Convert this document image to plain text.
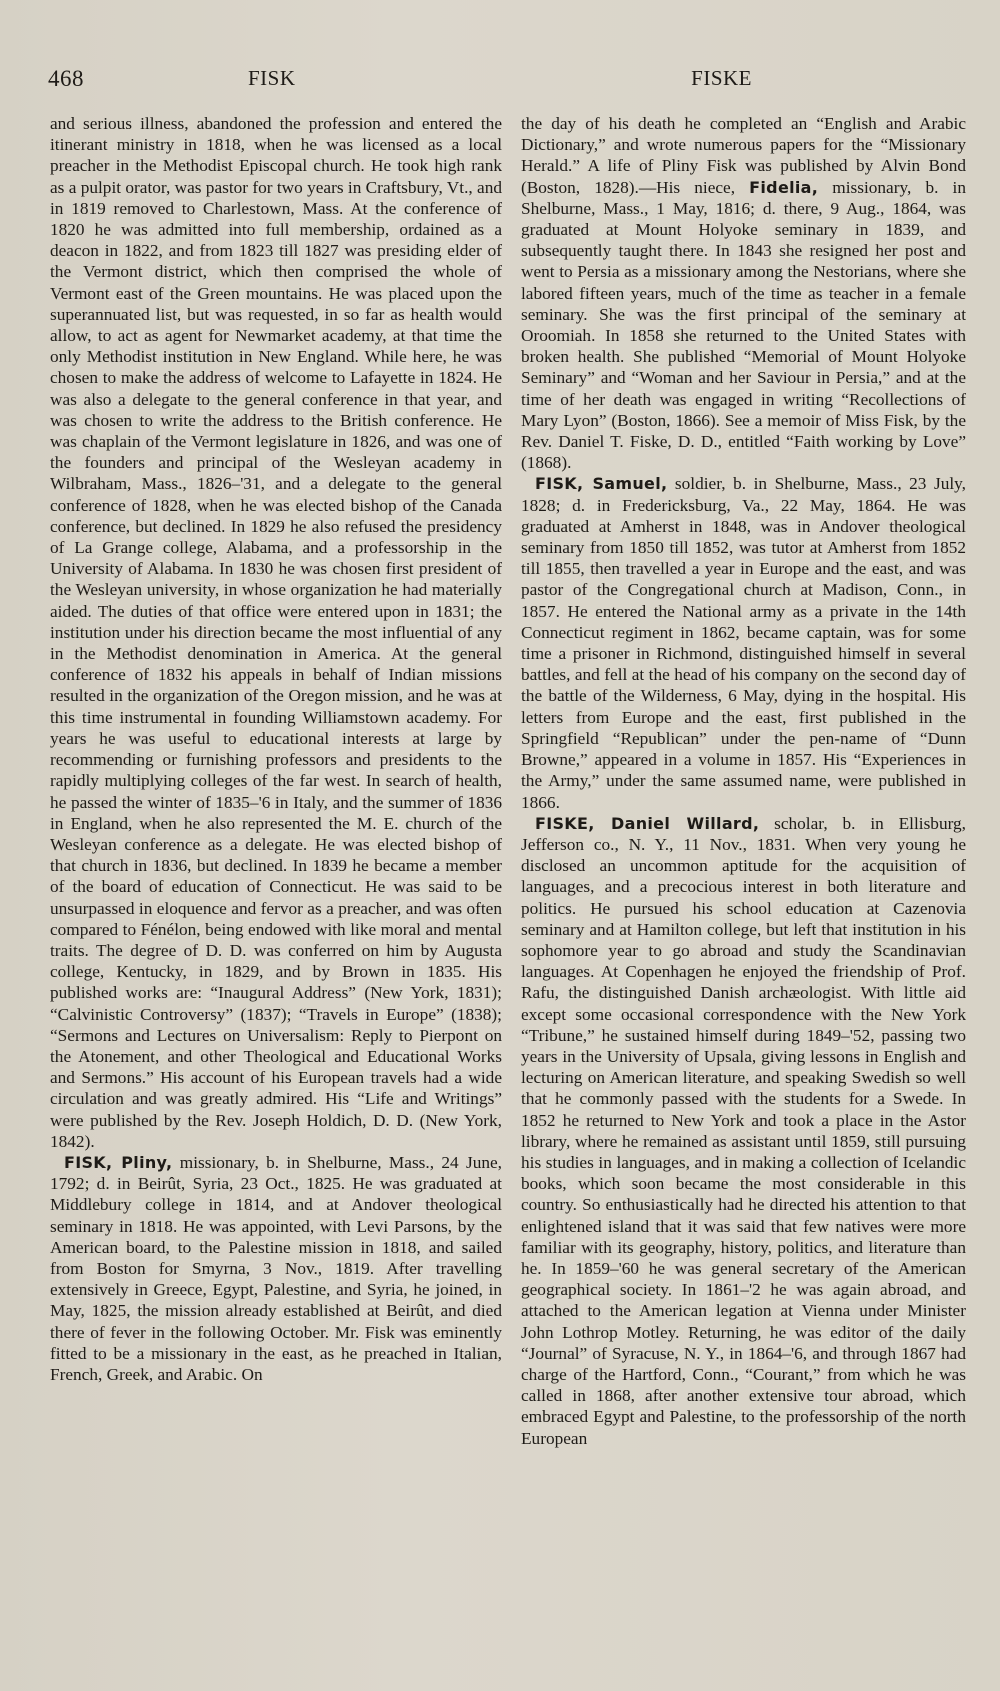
468	FISK	FISKE

and serious illness, abandoned the profession and entered the itinerant ministry in 1818, when he was licensed as a local preacher in the Methodist Episcopal church. He took high rank as a pulpit orator, was pastor for two years in Craftsbury, Vt., and in 1819 removed to Charlestown, Mass. At the conference of 1820 he was admitted into full membership, ordained as a deacon in 1822, and from 1823 till 1827 was presiding elder of the Vermont district, which then comprised the whole of Vermont east of the Green mountains. He was placed upon the superannuated list, but was requested, in so far as health would allow, to act as agent for Newmarket academy, at that time the only Methodist institution in New England. While here, he was chosen to make the address of welcome to Lafayette in 1824. He was also a delegate to the general conference in that year, and was chosen to write the address to the British conference. He was chaplain of the Vermont legislature in 1826, and was one of the founders and principal of the Wesleyan academy in Wilbraham, Mass., 1826–'31, and a delegate to the general conference of 1828, when he was elected bishop of the Canada conference, but declined. In 1829 he also refused the presidency of La Grange college, Alabama, and a professorship in the University of Alabama. In 1830 he was chosen first president of the Wesleyan university, in whose organization he had materially aided. The duties of that office were entered upon in 1831; the institution under his direction became the most influential of any in the Methodist denomination in America. At the general conference of 1832 his appeals in behalf of Indian missions resulted in the organization of the Oregon mission, and he was at this time instrumental in founding Williamstown academy. For years he was useful to educational interests at large by recommending or furnishing professors and presidents to the rapidly multiplying colleges of the far west. In search of health, he passed the winter of 1835–'6 in Italy, and the summer of 1836 in England, when he also represented the M. E. church of the Wesleyan conference as a delegate. He was elected bishop of that church in 1836, but declined. In 1839 he became a member of the board of education of Connecticut. He was said to be unsurpassed in eloquence and fervor as a preacher, and was often compared to Fénélon, being endowed with like moral and mental traits. The degree of D. D. was conferred on him by Augusta college, Kentucky, in 1829, and by Brown in 1835. His published works are: “Inaugural Address” (New York, 1831); “Calvinistic Controversy” (1837); “Travels in Europe” (1838); “Sermons and Lectures on Universalism: Reply to Pierpont on the Atonement, and other Theological and Educational Works and Sermons.” His account of his European travels had a wide circulation and was greatly admired. His “Life and Writings” were published by the Rev. Joseph Holdich, D. D. (New York, 1842).

FISK, Pliny, missionary, b. in Shelburne, Mass., 24 June, 1792; d. in Beirût, Syria, 23 Oct., 1825. He was graduated at Middlebury college in 1814, and at Andover theological seminary in 1818. He was appointed, with Levi Parsons, by the American board, to the Palestine mission in 1818, and sailed from Boston for Smyrna, 3 Nov., 1819. After travelling extensively in Greece, Egypt, Palestine, and Syria, he joined, in May, 1825, the mission already established at Beirût, and died there of fever in the following October. Mr. Fisk was eminently fitted to be a missionary in the east, as he preached in Italian, French, Greek, and Arabic. On

the day of his death he completed an “English and Arabic Dictionary,” and wrote numerous papers for the “Missionary Herald.” A life of Pliny Fisk was published by Alvin Bond (Boston, 1828).—His niece, Fidelia, missionary, b. in Shelburne, Mass., 1 May, 1816; d. there, 9 Aug., 1864, was graduated at Mount Holyoke seminary in 1839, and subsequently taught there. In 1843 she resigned her post and went to Persia as a missionary among the Nestorians, where she labored fifteen years, much of the time as teacher in a female seminary. She was the first principal of the seminary at Oroomiah. In 1858 she returned to the United States with broken health. She published “Memorial of Mount Holyoke Seminary” and “Woman and her Saviour in Persia,” and at the time of her death was engaged in writing “Recollections of Mary Lyon” (Boston, 1866). See a memoir of Miss Fisk, by the Rev. Daniel T. Fiske, D. D., entitled “Faith working by Love” (1868).

FISK, Samuel, soldier, b. in Shelburne, Mass., 23 July, 1828; d. in Fredericksburg, Va., 22 May, 1864. He was graduated at Amherst in 1848, was in Andover theological seminary from 1850 till 1852, was tutor at Amherst from 1852 till 1855, then travelled a year in Europe and the east, and was pastor of the Congregational church at Madison, Conn., in 1857. He entered the National army as a private in the 14th Connecticut regiment in 1862, became captain, was for some time a prisoner in Richmond, distinguished himself in several battles, and fell at the head of his company on the second day of the battle of the Wilderness, 6 May, dying in the hospital. His letters from Europe and the east, first published in the Springfield “Republican” under the pen-name of “Dunn Browne,” appeared in a volume in 1857. His “Experiences in the Army,” under the same assumed name, were published in 1866.

FISKE, Daniel Willard, scholar, b. in Ellisburg, Jefferson co., N. Y., 11 Nov., 1831. When very young he disclosed an uncommon aptitude for the acquisition of languages, and a precocious interest in both literature and politics. He pursued his school education at Cazenovia seminary and at Hamilton college, but left that institution in his sophomore year to go abroad and study the Scandinavian languages. At Copenhagen he enjoyed the friendship of Prof. Rafu, the distinguished Danish archæologist. With little aid except some occasional correspondence with the New York “Tribune,” he sustained himself during 1849–'52, passing two years in the University of Upsala, giving lessons in English and lecturing on American literature, and speaking Swedish so well that he commonly passed with the students for a Swede. In 1852 he returned to New York and took a place in the Astor library, where he remained as assistant until 1859, still pursuing his studies in languages, and in making a collection of Icelandic books, which soon became the most considerable in this country. So enthusiastically had he directed his attention to that enlightened island that it was said that few natives were more familiar with its geography, history, politics, and literature than he. In 1859–'60 he was general secretary of the American geographical society. In 1861–'2 he was again abroad, and attached to the American legation at Vienna under Minister John Lothrop Motley. Returning, he was editor of the daily “Journal” of Syracuse, N. Y., in 1864–'6, and through 1867 had charge of the Hartford, Conn., “Courant,” from which he was called in 1868, after another extensive tour abroad, which embraced Egypt and Palestine, to the professorship of the north European
